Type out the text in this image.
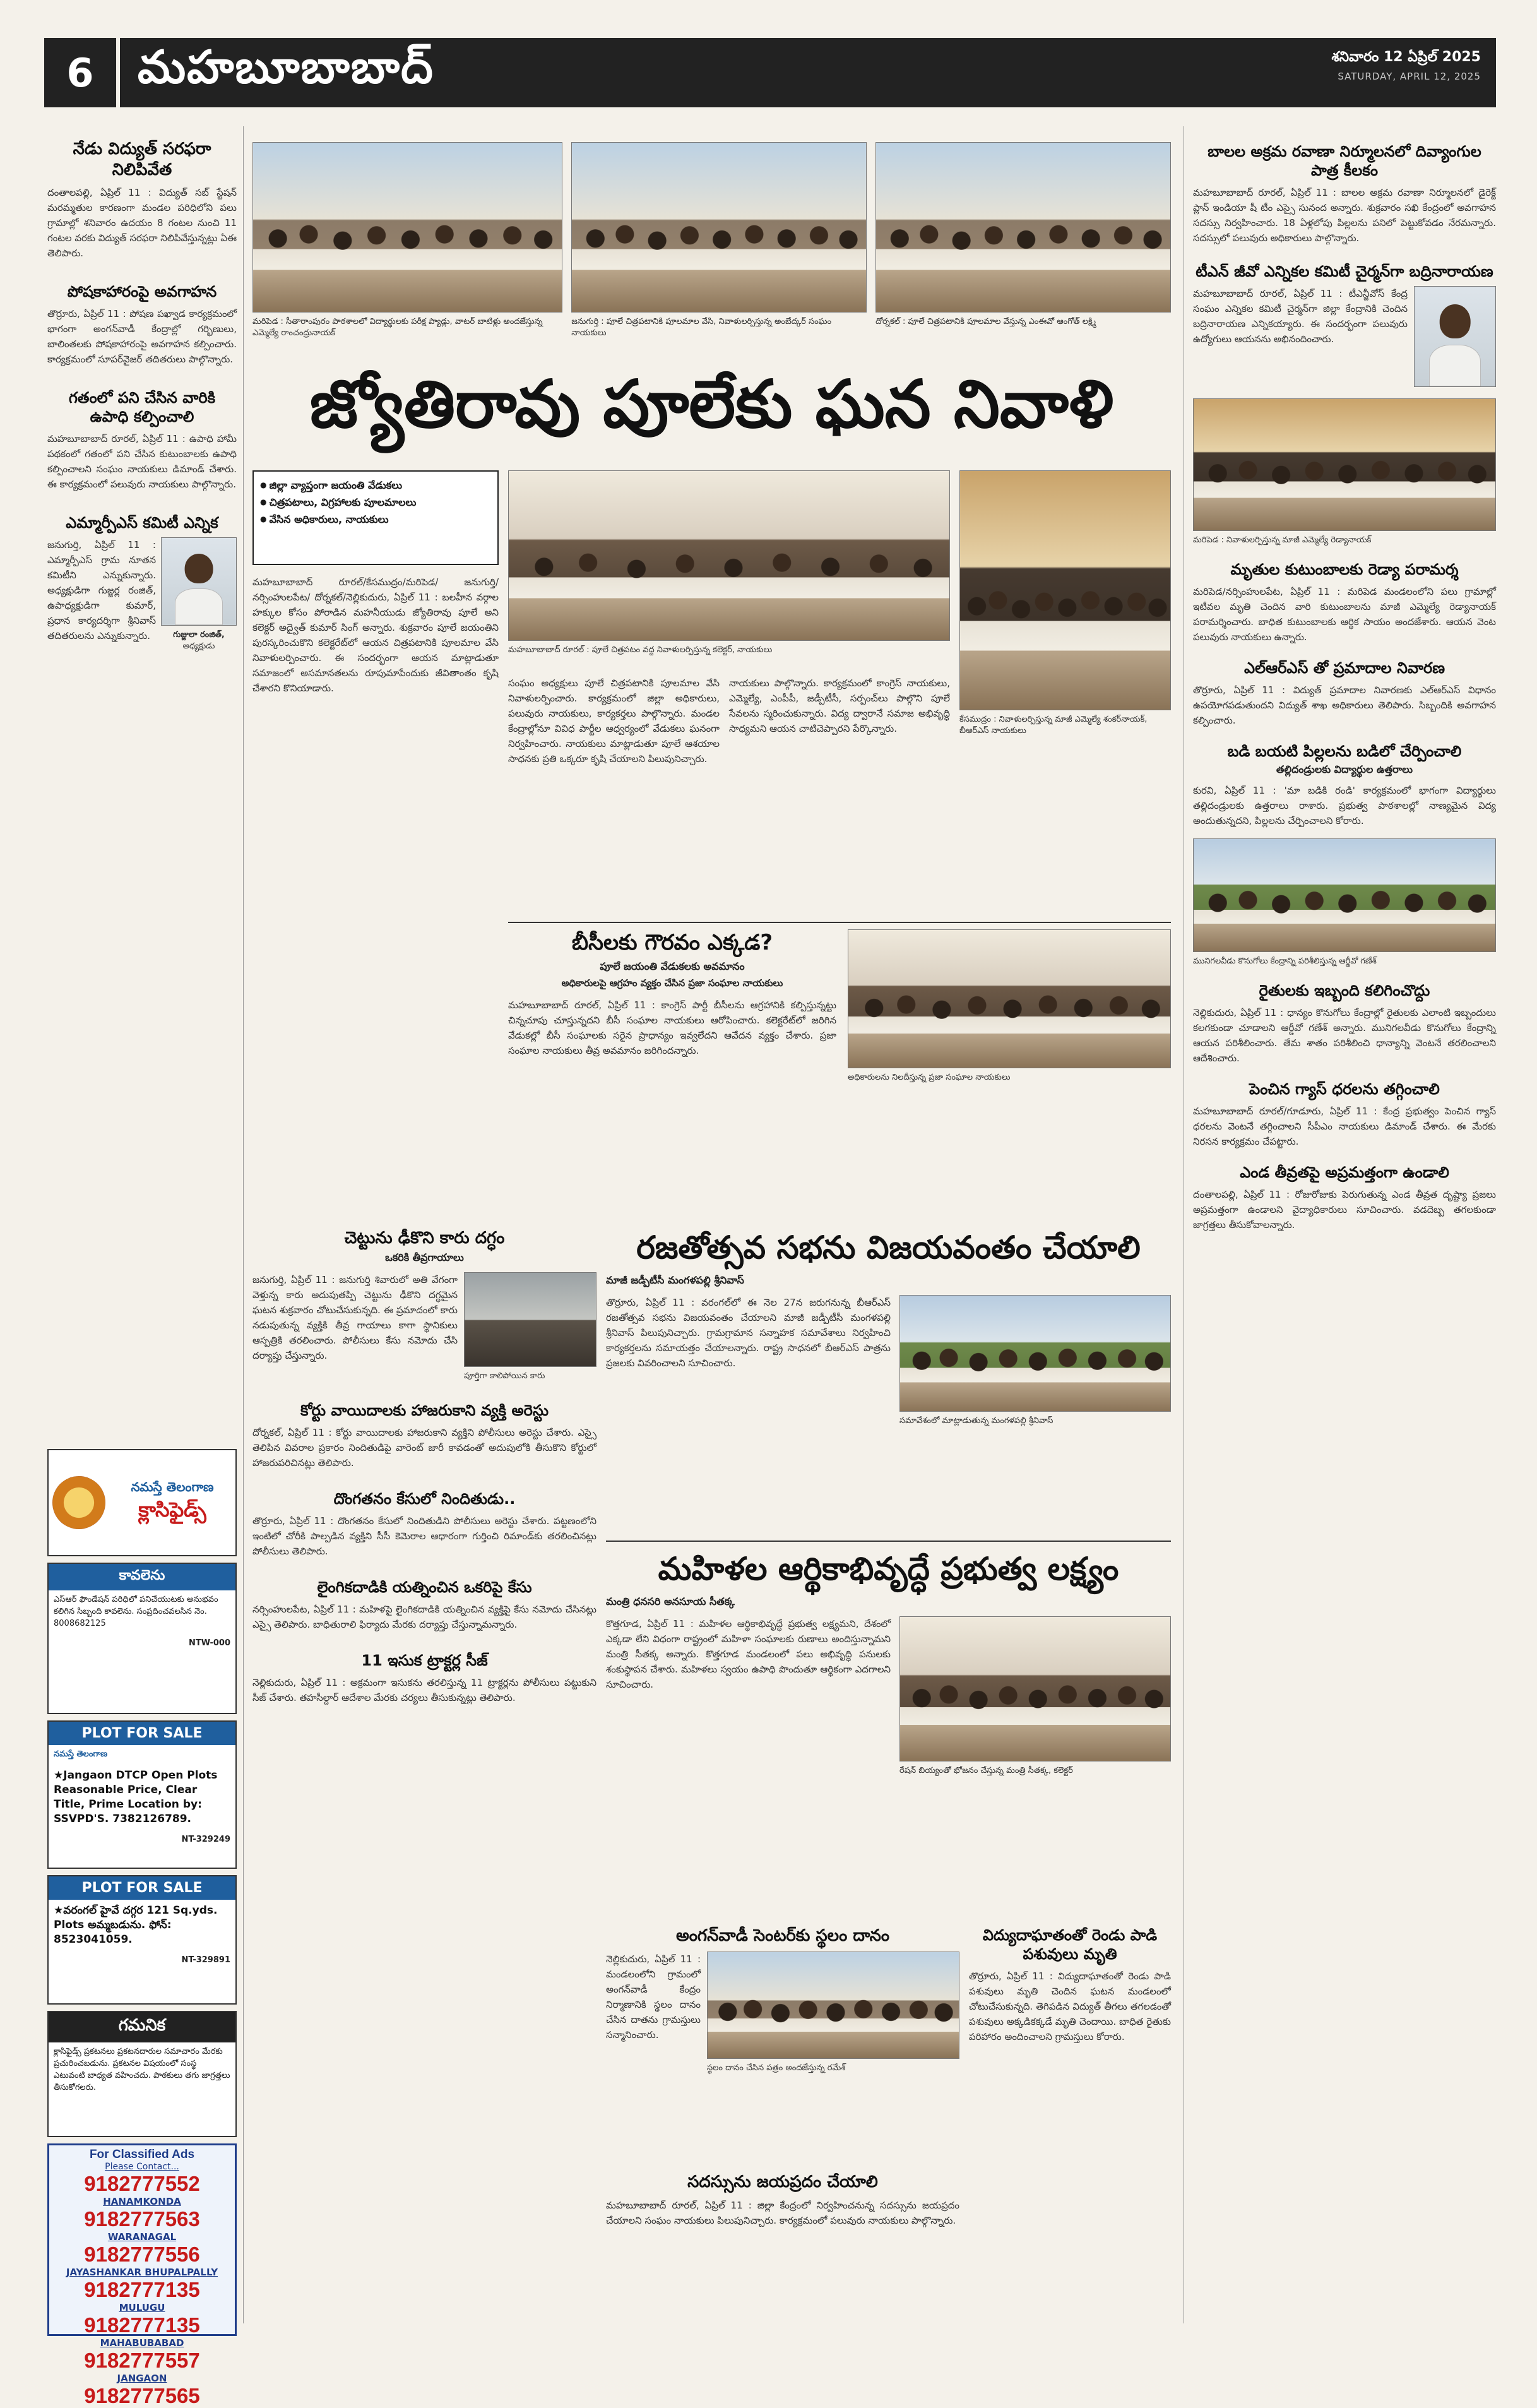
6 మహబూబాబాద్	శనివారం 12 ఏప్రిల్ 2025
SATURDAY, APRIL 12, 2025
నేడు విద్యుత్ సరఫరా నిలిపివేత

దంతాలపల్లి, ఏప్రిల్ 11 : విద్యుత్ సబ్ స్టేషన్ మరమ్మతుల కారణంగా మండల పరిధిలోని పలు గ్రామాల్లో శనివారం ఉదయం 8 గంటల నుంచి 11 గంటల వరకు విద్యుత్ సరఫరా నిలిపివేస్తున్నట్లు ఏఈ తెలిపారు.

పోషకాహారంపై అవగాహన

తొర్రూరు, ఏప్రిల్ 11 : పోషణ పఖ్వాడ కార్యక్రమంలో భాగంగా అంగన్‌వాడీ కేంద్రాల్లో గర్భిణులు, బాలింతలకు పోషకాహారంపై అవగాహన కల్పించారు. కార్యక్రమంలో సూపర్‌వైజర్ తదితరులు పాల్గొన్నారు.

గతంలో పని చేసిన వారికి ఉపాధి కల్పించాలి

మహబూబాబాద్ రూరల్, ఏప్రిల్ 11 : ఉపాధి హామీ పథకంలో గతంలో పని చేసిన కుటుంబాలకు ఉపాధి కల్పించాలని సంఘం నాయకులు డిమాండ్ చేశారు. ఈ కార్యక్రమంలో పలువురు నాయకులు పాల్గొన్నారు.

ఎమ్మార్పీఎస్ కమిటీ ఎన్నిక

జనుగుర్తి, ఏప్రిల్ 11 : ఎమ్మార్పీఎస్ గ్రామ నూతన కమిటీని ఎన్నుకున్నారు. అధ్యక్షుడిగా గుజ్జర్ల రంజిత్, ఉపాధ్యక్షుడిగా కుమార్, ప్రధాన కార్యదర్శిగా శ్రీనివాస్ తదితరులను ఎన్నుకున్నారు.	గుజ్జులా రంజిత్,
అధ్యక్షుడు
నమస్తే తెలంగాణ
క్లాసిఫైడ్స్
కావలెను
ఎస్ఆర్ ఫౌండేషన్ పరిధిలో పనిచేయుటకు అనుభవం కలిగిన సిబ్బంది కావలెను. సంప్రదించవలసిన నెం. 8008682125
NTW-000
PLOT FOR SALE
నమస్తే తెలంగాణ
★Jangaon DTCP Open Plots Reasonable Price, Clear Title, Prime Location by: SSVPD'S. 7382126789.
NT-329249
PLOT FOR SALE
★వరంగల్ హైవే దగ్గర 121 Sq.yds. Plots అమ్మబడును. ఫోన్: 8523041059.
NT-329891
గమనిక
క్లాసిఫైడ్స్ ప్రకటనలు ప్రకటనదారుల సమాచారం మేరకు ప్రచురించబడును. ప్రకటనల విషయంలో సంస్థ ఎటువంటి బాధ్యత వహించదు. పాఠకులు తగు జాగ్రత్తలు తీసుకోగలరు.
For Classified Ads
Please Contact...
9182777552
HANAMKONDA
9182777563
WARANAGAL
9182777556
JAYASHANKAR BHUPALPALLY
9182777135
MULUGU
9182777135
MAHABUBABAD
9182777557
JANGAON
9182777565
మరిపెడ : సీతారాంపురం పాఠశాలలో విద్యార్థులకు పరీక్ష ప్యాడ్లు, వాటర్ బాటిళ్లు అందజేస్తున్న ఎమ్మెల్యే రాంచంద్రునాయక్
జనుగుర్తి : పూలే చిత్రపటానికి పూలమాల వేసి, నివాళులర్పిస్తున్న అంబేద్కర్ సంఘం నాయకులు
దోర్నకల్ : పూలే చిత్రపటానికి పూలమాల వేస్తున్న ఎంఈవో ఆంగోత్ లక్ష్మి
జ్యోతిరావు పూలేకు ఘన నివాళి
● జిల్లా వ్యాప్తంగా జయంతి వేడుకలు
● చిత్రపటాలు, విగ్రహాలకు పూలమాలలు
● వేసిన అధికారులు, నాయకులు

మహబూబాబాద్ రూరల్/కేసముద్రం/మరిపెడ/ జనుగుర్తి/నర్సింహులపేట/ దోర్నకల్/నెల్లికుదురు, ఏప్రిల్ 11 : బలహీన వర్గాల హక్కుల కోసం పోరాడిన మహనీయుడు జ్యోతిరావు పూలే అని కలెక్టర్ అద్వైత్ కుమార్ సింగ్ అన్నారు. శుక్రవారం పూలే జయంతిని పురస్కరించుకొని కలెక్టరేట్‌లో ఆయన చిత్రపటానికి పూలమాల వేసి నివాళులర్పించారు. ఈ సందర్భంగా ఆయన మాట్లాడుతూ సమాజంలో అసమానతలను రూపుమాపేందుకు జీవితాంతం కృషి చేశారని కొనియాడారు.

మహబూబాబాద్ రూరల్ : పూలే చిత్రపటం వద్ద నివాళులర్పిస్తున్న కలెక్టర్, నాయకులు
కేసముద్రం : నివాళులర్పిస్తున్న మాజీ ఎమ్మెల్యే శంకర్‌నాయక్, బీఆర్ఎస్ నాయకులు

సంఘం అధ్యక్షులు పూలే చిత్రపటానికి పూలమాల వేసి నివాళులర్పించారు. కార్యక్రమంలో జిల్లా అధికారులు, పలువురు నాయకులు, కార్యకర్తలు పాల్గొన్నారు. మండల కేంద్రాల్లోనూ వివిధ పార్టీల ఆధ్వర్యంలో వేడుకలు ఘనంగా నిర్వహించారు. నాయకులు మాట్లాడుతూ పూలే ఆశయాల సాధనకు ప్రతి ఒక్కరూ కృషి చేయాలని పిలుపునిచ్చారు.

నాయకులు పాల్గొన్నారు. కార్యక్రమంలో కాంగ్రెస్ నాయకులు, ఎమ్మెల్యే, ఎంపీపీ, జడ్పీటీసీ, సర్పంచ్‌లు పాల్గొని పూలే సేవలను స్మరించుకున్నారు. విద్య ద్వారానే సమాజ అభివృద్ధి సాధ్యమని ఆయన చాటిచెప్పారని పేర్కొన్నారు.

బీసీలకు గౌరవం ఎక్కడ?
పూలే జయంతి వేడుకలకు అవమానం
అధికారులపై ఆగ్రహం వ్యక్తం చేసిన ప్రజా సంఘాల నాయకులు

మహబూబాబాద్ రూరల్, ఏప్రిల్ 11 : కాంగ్రెస్ పార్టీ బీసీలను ఆగ్రహానికి కల్పిస్తున్నట్టు చిన్నచూపు చూస్తున్నదని బీసీ సంఘాల నాయకులు ఆరోపించారు. కలెక్టరేట్‌లో జరిగిన వేడుకల్లో బీసీ సంఘాలకు సరైన ప్రాధాన్యం ఇవ్వలేదని ఆవేదన వ్యక్తం చేశారు. ప్రజా సంఘాల నాయకులు తీవ్ర అవమానం జరిగిందన్నారు.

అధికారులను నిలదీస్తున్న ప్రజా సంఘాల నాయకులు
చెట్టును ఢీకొని కారు దగ్ధం
ఒకరికి తీవ్రగాయాలు

జనుగుర్తి, ఏప్రిల్ 11 : జనుగుర్తి శివారులో అతి వేగంగా వెళ్తున్న కారు అదుపుతప్పి చెట్టును ఢీకొని దగ్ధమైన ఘటన శుక్రవారం చోటుచేసుకున్నది. ఈ ప్రమాదంలో కారు నడుపుతున్న వ్యక్తికి తీవ్ర గాయాలు కాగా స్థానికులు ఆస్పత్రికి తరలించారు. పోలీసులు కేసు నమోదు చేసి దర్యాప్తు చేస్తున్నారు.

పూర్తిగా కాలిపోయిన కారు
కోర్టు వాయిదాలకు హాజరుకాని వ్యక్తి అరెస్టు

దోర్నకల్, ఏప్రిల్ 11 : కోర్టు వాయిదాలకు హాజరుకాని వ్యక్తిని పోలీసులు అరెస్టు చేశారు. ఎస్సై తెలిపిన వివరాల ప్రకారం నిందితుడిపై వారెంట్ జారీ కావడంతో అదుపులోకి తీసుకొని కోర్టులో హాజరుపరిచినట్లు తెలిపారు.

దొంగతనం కేసులో నిందితుడు..

తొర్రూరు, ఏప్రిల్ 11 : దొంగతనం కేసులో నిందితుడిని పోలీసులు అరెస్టు చేశారు. పట్టణంలోని ఇంటిలో చోరీకి పాల్పడిన వ్యక్తిని సీసీ కెమెరాల ఆధారంగా గుర్తించి రిమాండ్‌కు తరలించినట్లు పోలీసులు తెలిపారు.

లైంగికదాడికి యత్నించిన ఒకరిపై కేసు

నర్సింహులపేట, ఏప్రిల్ 11 : మహిళపై లైంగికదాడికి యత్నించిన వ్యక్తిపై కేసు నమోదు చేసినట్లు ఎస్సై తెలిపారు. బాధితురాలి ఫిర్యాదు మేరకు దర్యాప్తు చేస్తున్నామన్నారు.

11 ఇసుక ట్రాక్టర్ల సీజ్

నెల్లికుదురు, ఏప్రిల్ 11 : అక్రమంగా ఇసుకను తరలిస్తున్న 11 ట్రాక్టర్లను పోలీసులు పట్టుకుని సీజ్ చేశారు. తహసీల్దార్ ఆదేశాల మేరకు చర్యలు తీసుకున్నట్లు తెలిపారు.

రజతోత్సవ సభను విజయవంతం చేయాలి
మాజీ జడ్పీటీసీ మంగళపల్లి శ్రీనివాస్

తొర్రూరు, ఏప్రిల్ 11 : వరంగల్‌లో ఈ నెల 27న జరుగనున్న బీఆర్ఎస్ రజతోత్సవ సభను విజయవంతం చేయాలని మాజీ జడ్పీటీసీ మంగళపల్లి శ్రీనివాస్ పిలుపునిచ్చారు. గ్రామగ్రామాన సన్నాహక సమావేశాలు నిర్వహించి కార్యకర్తలను సమాయత్తం చేయాలన్నారు. రాష్ట్ర సాధనలో బీఆర్ఎస్ పాత్రను ప్రజలకు వివరించాలని సూచించారు.

సమావేశంలో మాట్లాడుతున్న మంగళపల్లి శ్రీనివాస్
మహిళల ఆర్థికాభివృద్ధే ప్రభుత్వ లక్ష్యం
మంత్రి ధనసరి అనసూయ సీతక్క

కొత్తగూడ, ఏప్రిల్ 11 : మహిళల ఆర్థికాభివృద్ధే ప్రభుత్వ లక్ష్యమని, దేశంలో ఎక్కడా లేని విధంగా రాష్ట్రంలో మహిళా సంఘాలకు రుణాలు అందిస్తున్నామని మంత్రి సీతక్క అన్నారు. కొత్తగూడ మండలంలో పలు అభివృద్ధి పనులకు శంకుస్థాపన చేశారు. మహిళలు స్వయం ఉపాధి పొందుతూ ఆర్థికంగా ఎదగాలని సూచించారు.

రేషన్ బియ్యంతో భోజనం చేస్తున్న మంత్రి సీతక్క, కలెక్టర్
అంగన్‌వాడీ సెంటర్‌కు స్థలం దానం

నెల్లికుదురు, ఏప్రిల్ 11 : మండలంలోని గ్రామంలో అంగన్‌వాడీ కేంద్రం నిర్మాణానికి స్థలం దానం చేసిన దాతను గ్రామస్తులు సన్మానించారు.

స్థలం దానం చేసిన పత్రం అందజేస్తున్న రమేశ్
విద్యుదాఘాతంతో రెండు పాడి పశువులు మృతి

తొర్రూరు, ఏప్రిల్ 11 : విద్యుదాఘాతంతో రెండు పాడి పశువులు మృతి చెందిన ఘటన మండలంలో చోటుచేసుకున్నది. తెగిపడిన విద్యుత్ తీగలు తగలడంతో పశువులు అక్కడికక్కడే మృతి చెందాయి. బాధిత రైతుకు పరిహారం అందించాలని గ్రామస్తులు కోరారు.

సదస్సును జయప్రదం చేయాలి

మహబూబాబాద్ రూరల్, ఏప్రిల్ 11 : జిల్లా కేంద్రంలో నిర్వహించనున్న సదస్సును జయప్రదం చేయాలని సంఘం నాయకులు పిలుపునిచ్చారు. కార్యక్రమంలో పలువురు నాయకులు పాల్గొన్నారు.

బాలల అక్రమ రవాణా నిర్మూలనలో దివ్యాంగుల పాత్ర కీలకం

మహబూబాబాద్ రూరల్, ఏప్రిల్ 11 : బాలల అక్రమ రవాణా నిర్మూలనలో డైరెక్ట్ ప్లాన్ ఇండియా షీ టీం ఎస్సై సునంద అన్నారు. శుక్రవారం సఖి కేంద్రంలో అవగాహన సదస్సు నిర్వహించారు. 18 ఏళ్లలోపు పిల్లలను పనిలో పెట్టుకోవడం నేరమన్నారు. సదస్సులో పలువురు అధికారులు పాల్గొన్నారు.

టీఎన్ జీవో ఎన్నికల కమిటీ చైర్మన్‌గా బద్రినారాయణ

మహబూబాబాద్ రూరల్, ఏప్రిల్ 11 : టీఎన్జీవోస్ కేంద్ర సంఘం ఎన్నికల కమిటీ చైర్మన్‌గా జిల్లా కేంద్రానికి చెందిన బద్రినారాయణ ఎన్నికయ్యారు. ఈ సందర్భంగా పలువురు ఉద్యోగులు ఆయనను అభినందించారు.

మరిపెడ : నివాళులర్పిస్తున్న మాజీ ఎమ్మెల్యే రెడ్యానాయక్
మృతుల కుటుంబాలకు రెడ్యా పరామర్శ

మరిపెడ/నర్సింహులపేట, ఏప్రిల్ 11 : మరిపెడ మండలంలోని పలు గ్రామాల్లో ఇటీవల మృతి చెందిన వారి కుటుంబాలను మాజీ ఎమ్మెల్యే రెడ్యానాయక్ పరామర్శించారు. బాధిత కుటుంబాలకు ఆర్థిక సాయం అందజేశారు. ఆయన వెంట పలువురు నాయకులు ఉన్నారు.

ఎల్ఆర్ఎస్ తో ప్రమాదాల నివారణ

తొర్రూరు, ఏప్రిల్ 11 : విద్యుత్ ప్రమాదాల నివారణకు ఎల్ఆర్ఎస్ విధానం ఉపయోగపడుతుందని విద్యుత్ శాఖ అధికారులు తెలిపారు. సిబ్బందికి అవగాహన కల్పించారు.

బడి బయటి పిల్లలను బడిలో చేర్పించాలి
తల్లిదండ్రులకు విద్యార్థుల ఉత్తరాలు

కురవి, ఏప్రిల్ 11 : 'మా బడికి రండి' కార్యక్రమంలో భాగంగా విద్యార్థులు తల్లిదండ్రులకు ఉత్తరాలు రాశారు. ప్రభుత్వ పాఠశాలల్లో నాణ్యమైన విద్య అందుతున్నదని, పిల్లలను చేర్పించాలని కోరారు.

మునిగలవీడు కొనుగోలు కేంద్రాన్ని పరిశీలిస్తున్న ఆర్డీవో గణేశ్
రైతులకు ఇబ్బంది కలిగించొద్దు

నెల్లికుదురు, ఏప్రిల్ 11 : ధాన్యం కొనుగోలు కేంద్రాల్లో రైతులకు ఎలాంటి ఇబ్బందులు కలగకుండా చూడాలని ఆర్డీవో గణేశ్ అన్నారు. మునిగలవీడు కొనుగోలు కేంద్రాన్ని ఆయన పరిశీలించారు. తేమ శాతం పరిశీలించి ధాన్యాన్ని వెంటనే తరలించాలని ఆదేశించారు.

పెంచిన గ్యాస్ ధరలను తగ్గించాలి

మహబూబాబాద్ రూరల్/గూడూరు, ఏప్రిల్ 11 : కేంద్ర ప్రభుత్వం పెంచిన గ్యాస్ ధరలను వెంటనే తగ్గించాలని సీపీఎం నాయకులు డిమాండ్ చేశారు. ఈ మేరకు నిరసన కార్యక్రమం చేపట్టారు.

ఎండ తీవ్రతపై అప్రమత్తంగా ఉండాలి

దంతాలపల్లి, ఏప్రిల్ 11 : రోజురోజుకు పెరుగుతున్న ఎండ తీవ్రత దృష్ట్యా ప్రజలు అప్రమత్తంగా ఉండాలని వైద్యాధికారులు సూచించారు. వడదెబ్బ తగలకుండా జాగ్రత్తలు తీసుకోవాలన్నారు.
